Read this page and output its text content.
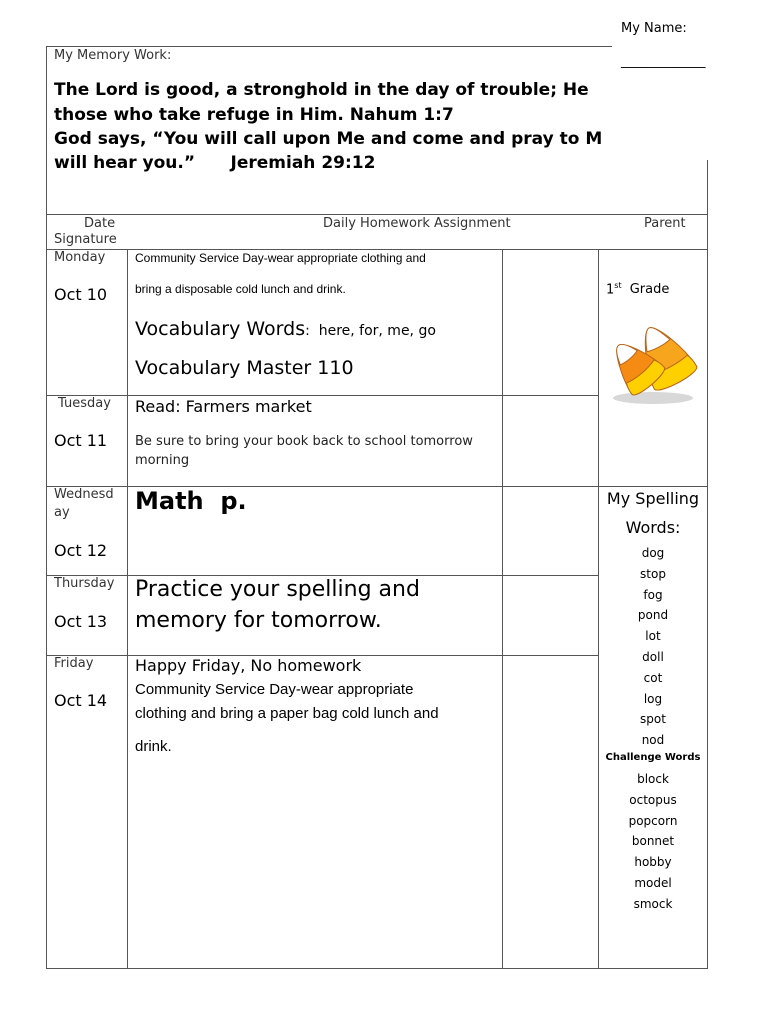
My Name:
_____________
My Memory Work:
The Lord is good, a stronghold in the day of trouble; He
those who take refuge in Him. Nahum 1:7
God says, “You will call upon Me and come and pray to M
will hear you.”      Jeremiah 29:12
Date
Signature
Daily Homework Assignment	Parent
Monday
Oct 10
Tuesday
Oct 11
Wednesd
ay
Oct 12
Thursday
Oct 13
Friday
Oct 14
Community Service Day-wear appropriate clothing and
bring a disposable cold lunch and drink.
Vocabulary Words:  here, for, me, go
Vocabulary Master 110
Read: Farmers market
Be sure to bring your book back to school tomorrow morning
Math  p.
Practice your spelling and
memory for tomorrow.
Happy Friday, No homework
Community Service Day-wear appropriate
clothing and bring a paper bag cold lunch and
drink.
1st Grade
My Spelling
Words:
dog
stop
fog
pond
lot
doll
cot
log
spot
nod
Challenge Words
block
octopus
popcorn
bonnet
hobby
model
smock
